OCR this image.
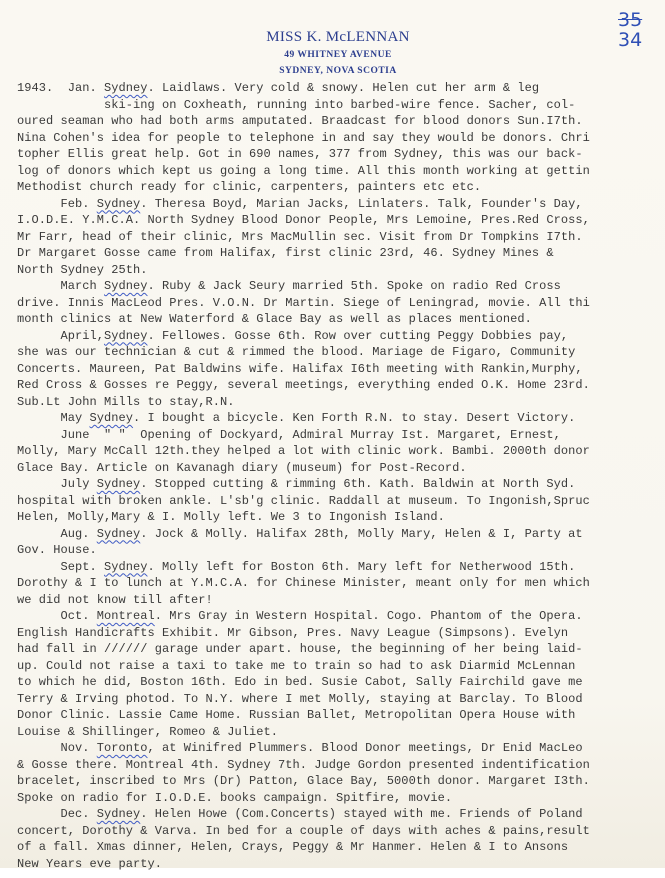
MISS K. McLENNAN
49 WHITNEY AVENUE
SYDNEY, NOVA SCOTIA
35
34
1943.  Jan. Sydney. Laidlaws. Very cold & snowy. Helen cut her arm & leg
ski-ing on Coxheath, running into barbed-wire fence. Sacher, col-
oured seaman who had both arms amputated. Braadcast for blood donors Sun.I7th.
Nina Cohen's idea for people to telephone in and say they would be donors. Chri
topher Ellis great help. Got in 690 names, 377 from Sydney, this was our back-
log of donors which kept us going a long time. All this month working at gettin
Methodist church ready for clinic, carpenters, painters etc etc.
Feb. Sydney. Theresa Boyd, Marian Jacks, Linlaters. Talk, Founder's Day,
I.O.D.E. Y.M.C.A. North Sydney Blood Donor People, Mrs Lemoine, Pres.Red Cross,
Mr Farr, head of their clinic, Mrs MacMullin sec. Visit from Dr Tompkins I7th.
Dr Margaret Gosse came from Halifax, first clinic 23rd, 46. Sydney Mines &
North Sydney 25th.
March Sydney. Ruby & Jack Seury married 5th. Spoke on radio Red Cross
drive. Innis MacLeod Pres. V.O.N. Dr Martin. Siege of Leningrad, movie. All thi
month clinics at New Waterford & Glace Bay as well as places mentioned.
April,Sydney. Fellowes. Gosse 6th. Row over cutting Peggy Dobbies pay,
she was our technician & cut & rimmed the blood. Mariage de Figaro, Community
Concerts. Maureen, Pat Baldwins wife. Halifax I6th meeting with Rankin,Murphy,
Red Cross & Gosses re Peggy, several meetings, everything ended O.K. Home 23rd.
Sub.Lt John Mills to stay,R.N.
May Sydney. I bought a bicycle. Ken Forth R.N. to stay. Desert Victory.
June  " "  Opening of Dockyard, Admiral Murray Ist. Margaret, Ernest,
Molly, Mary McCall 12th.they helped a lot with clinic work. Bambi. 2000th donor
Glace Bay. Article on Kavanagh diary (museum) for Post-Record.
July Sydney. Stopped cutting & rimming 6th. Kath. Baldwin at North Syd.
hospital with broken ankle. L'sb'g clinic. Raddall at museum. To Ingonish,Spruc
Helen, Molly,Mary & I. Molly left. We 3 to Ingonish Island.
Aug. Sydney. Jock & Molly. Halifax 28th, Molly Mary, Helen & I, Party at
Gov. House.
Sept. Sydney. Molly left for Boston 6th. Mary left for Netherwood 15th.
Dorothy & I to lunch at Y.M.C.A. for Chinese Minister, meant only for men which
we did not know till after!
Oct. Montreal. Mrs Gray in Western Hospital. Cogo. Phantom of the Opera.
English Handicrafts Exhibit. Mr Gibson, Pres. Navy League (Simpsons). Evelyn
had fall in ////// garage under apart. house, the beginning of her being laid-
up. Could not raise a taxi to take me to train so had to ask Diarmid McLennan
to which he did, Boston 16th. Edo in bed. Susie Cabot, Sally Fairchild gave me
Terry & Irving photod. To N.Y. where I met Molly, staying at Barclay. To Blood
Donor Clinic. Lassie Came Home. Russian Ballet, Metropolitan Opera House with
Louise & Shillinger, Romeo & Juliet.
Nov. Toronto, at Winifred Plummers. Blood Donor meetings, Dr Enid MacLeo
& Gosse there. Montreal 4th. Sydney 7th. Judge Gordon presented indentification
bracelet, inscribed to Mrs (Dr) Patton, Glace Bay, 5000th donor. Margaret I3th.
Spoke on radio for I.O.D.E. books campaign. Spitfire, movie.
Dec. Sydney. Helen Howe (Com.Concerts) stayed with me. Friends of Poland
concert, Dorothy & Varva. In bed for a couple of days with aches & pains,result
of a fall. Xmas dinner, Helen, Crays, Peggy & Mr Hanmer. Helen & I to Ansons
New Years eve party.
